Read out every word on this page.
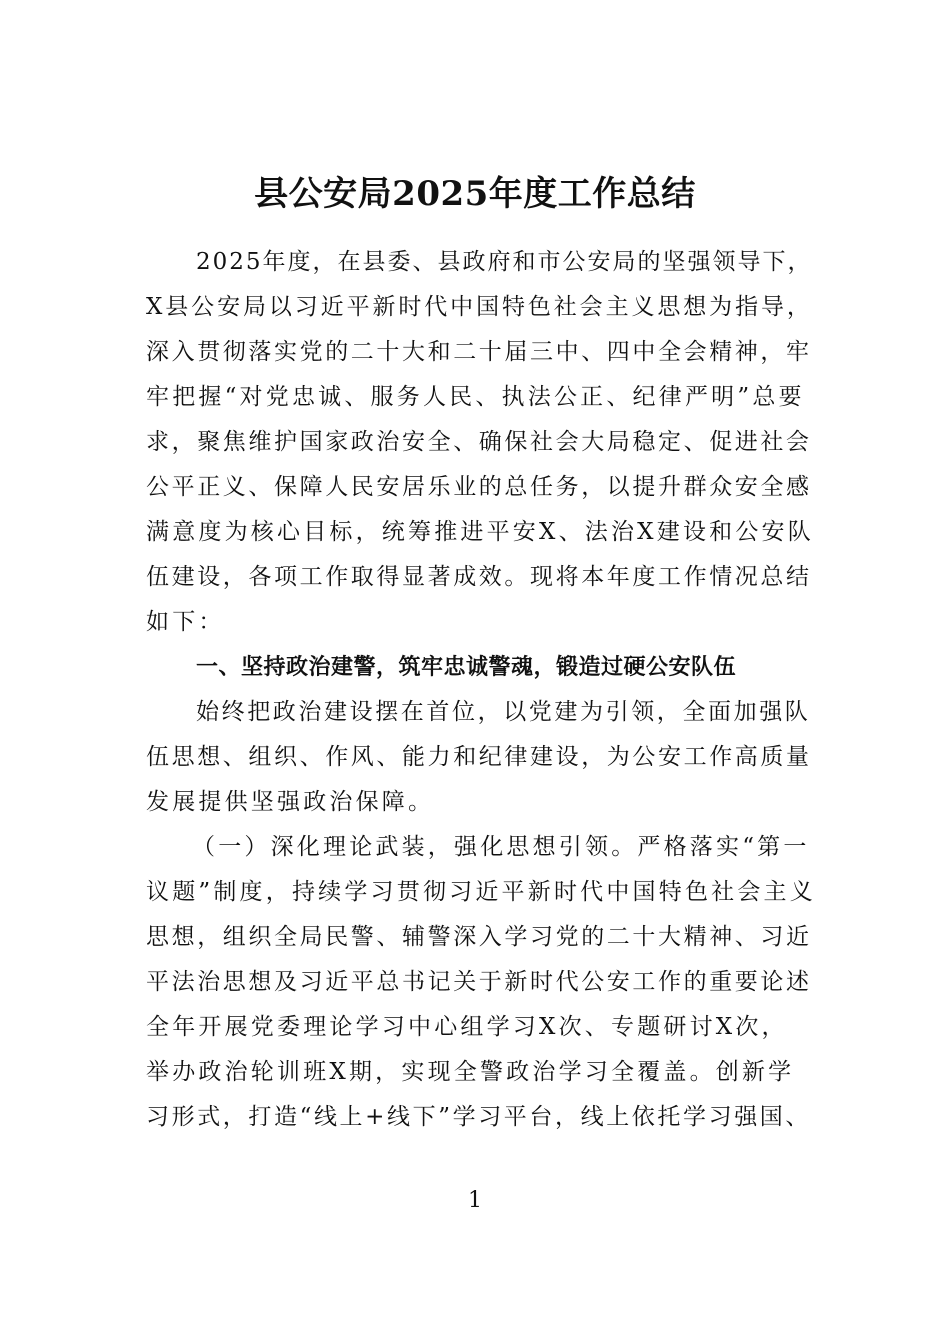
县公安局2025年度工作总结
2025年度，在县委、县政府和市公安局的坚强领导下，
X县公安局以习近平新时代中国特色社会主义思想为指导，
深入贯彻落实党的二十大和二十届三中、四中全会精神，牢
牢把握“对党忠诚、服务人民、执法公正、纪律严明”总要
求，聚焦维护国家政治安全、确保社会大局稳定、促进社会
公平正义、保障人民安居乐业的总任务，以提升群众安全感
满意度为核心目标，统筹推进平安X、法治X建设和公安队
伍建设，各项工作取得显著成效。现将本年度工作情况总结
如下：
一、坚持政治建警，筑牢忠诚警魂，锻造过硬公安队伍
始终把政治建设摆在首位，以党建为引领，全面加强队
伍思想、组织、作风、能力和纪律建设，为公安工作高质量
发展提供坚强政治保障。
（一）深化理论武装，强化思想引领。严格落实“第一
议题”制度，持续学习贯彻习近平新时代中国特色社会主义
思想，组织全局民警、辅警深入学习党的二十大精神、习近
平法治思想及习近平总书记关于新时代公安工作的重要论述
全年开展党委理论学习中心组学习X次、专题研讨X次，
举办政治轮训班X期，实现全警政治学习全覆盖。创新学
习形式，打造“线上+线下”学习平台，线上依托学习强国、
1
